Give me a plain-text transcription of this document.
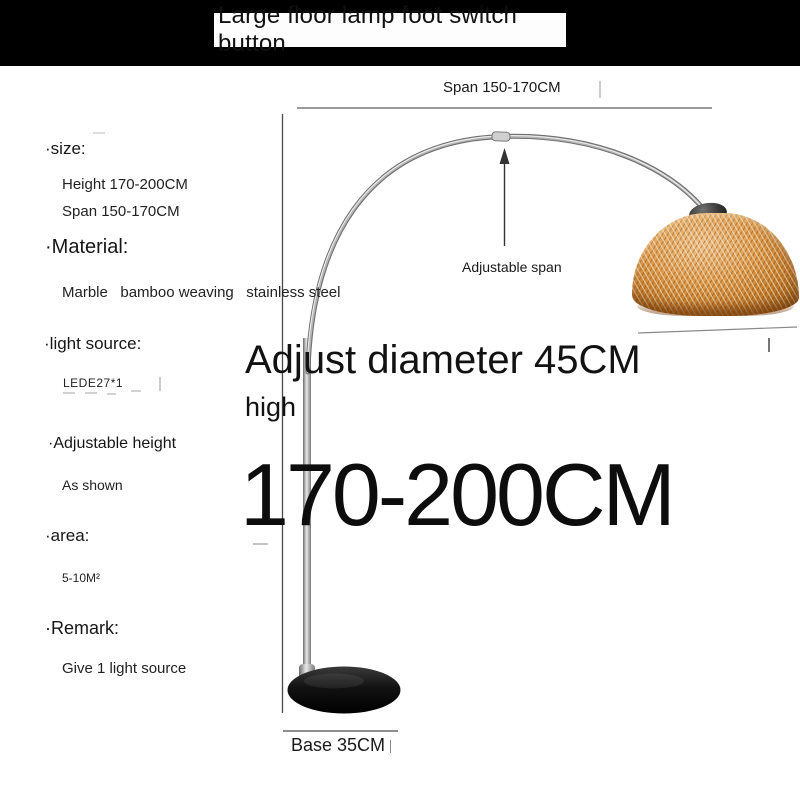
Large floor lamp foot switch button
·size:
Height 170-200CM
Span 150-170CM
·Material:
Marble   bamboo weaving   stainless steel
·light source:
LEDE27*1
·Adjustable height
As shown
·area:
5-10M²
·Remark:
Give 1 light source
Span 150-170CM
Adjustable span
Adjust diameter 45CM
high
170-200CM
Base 35CM
